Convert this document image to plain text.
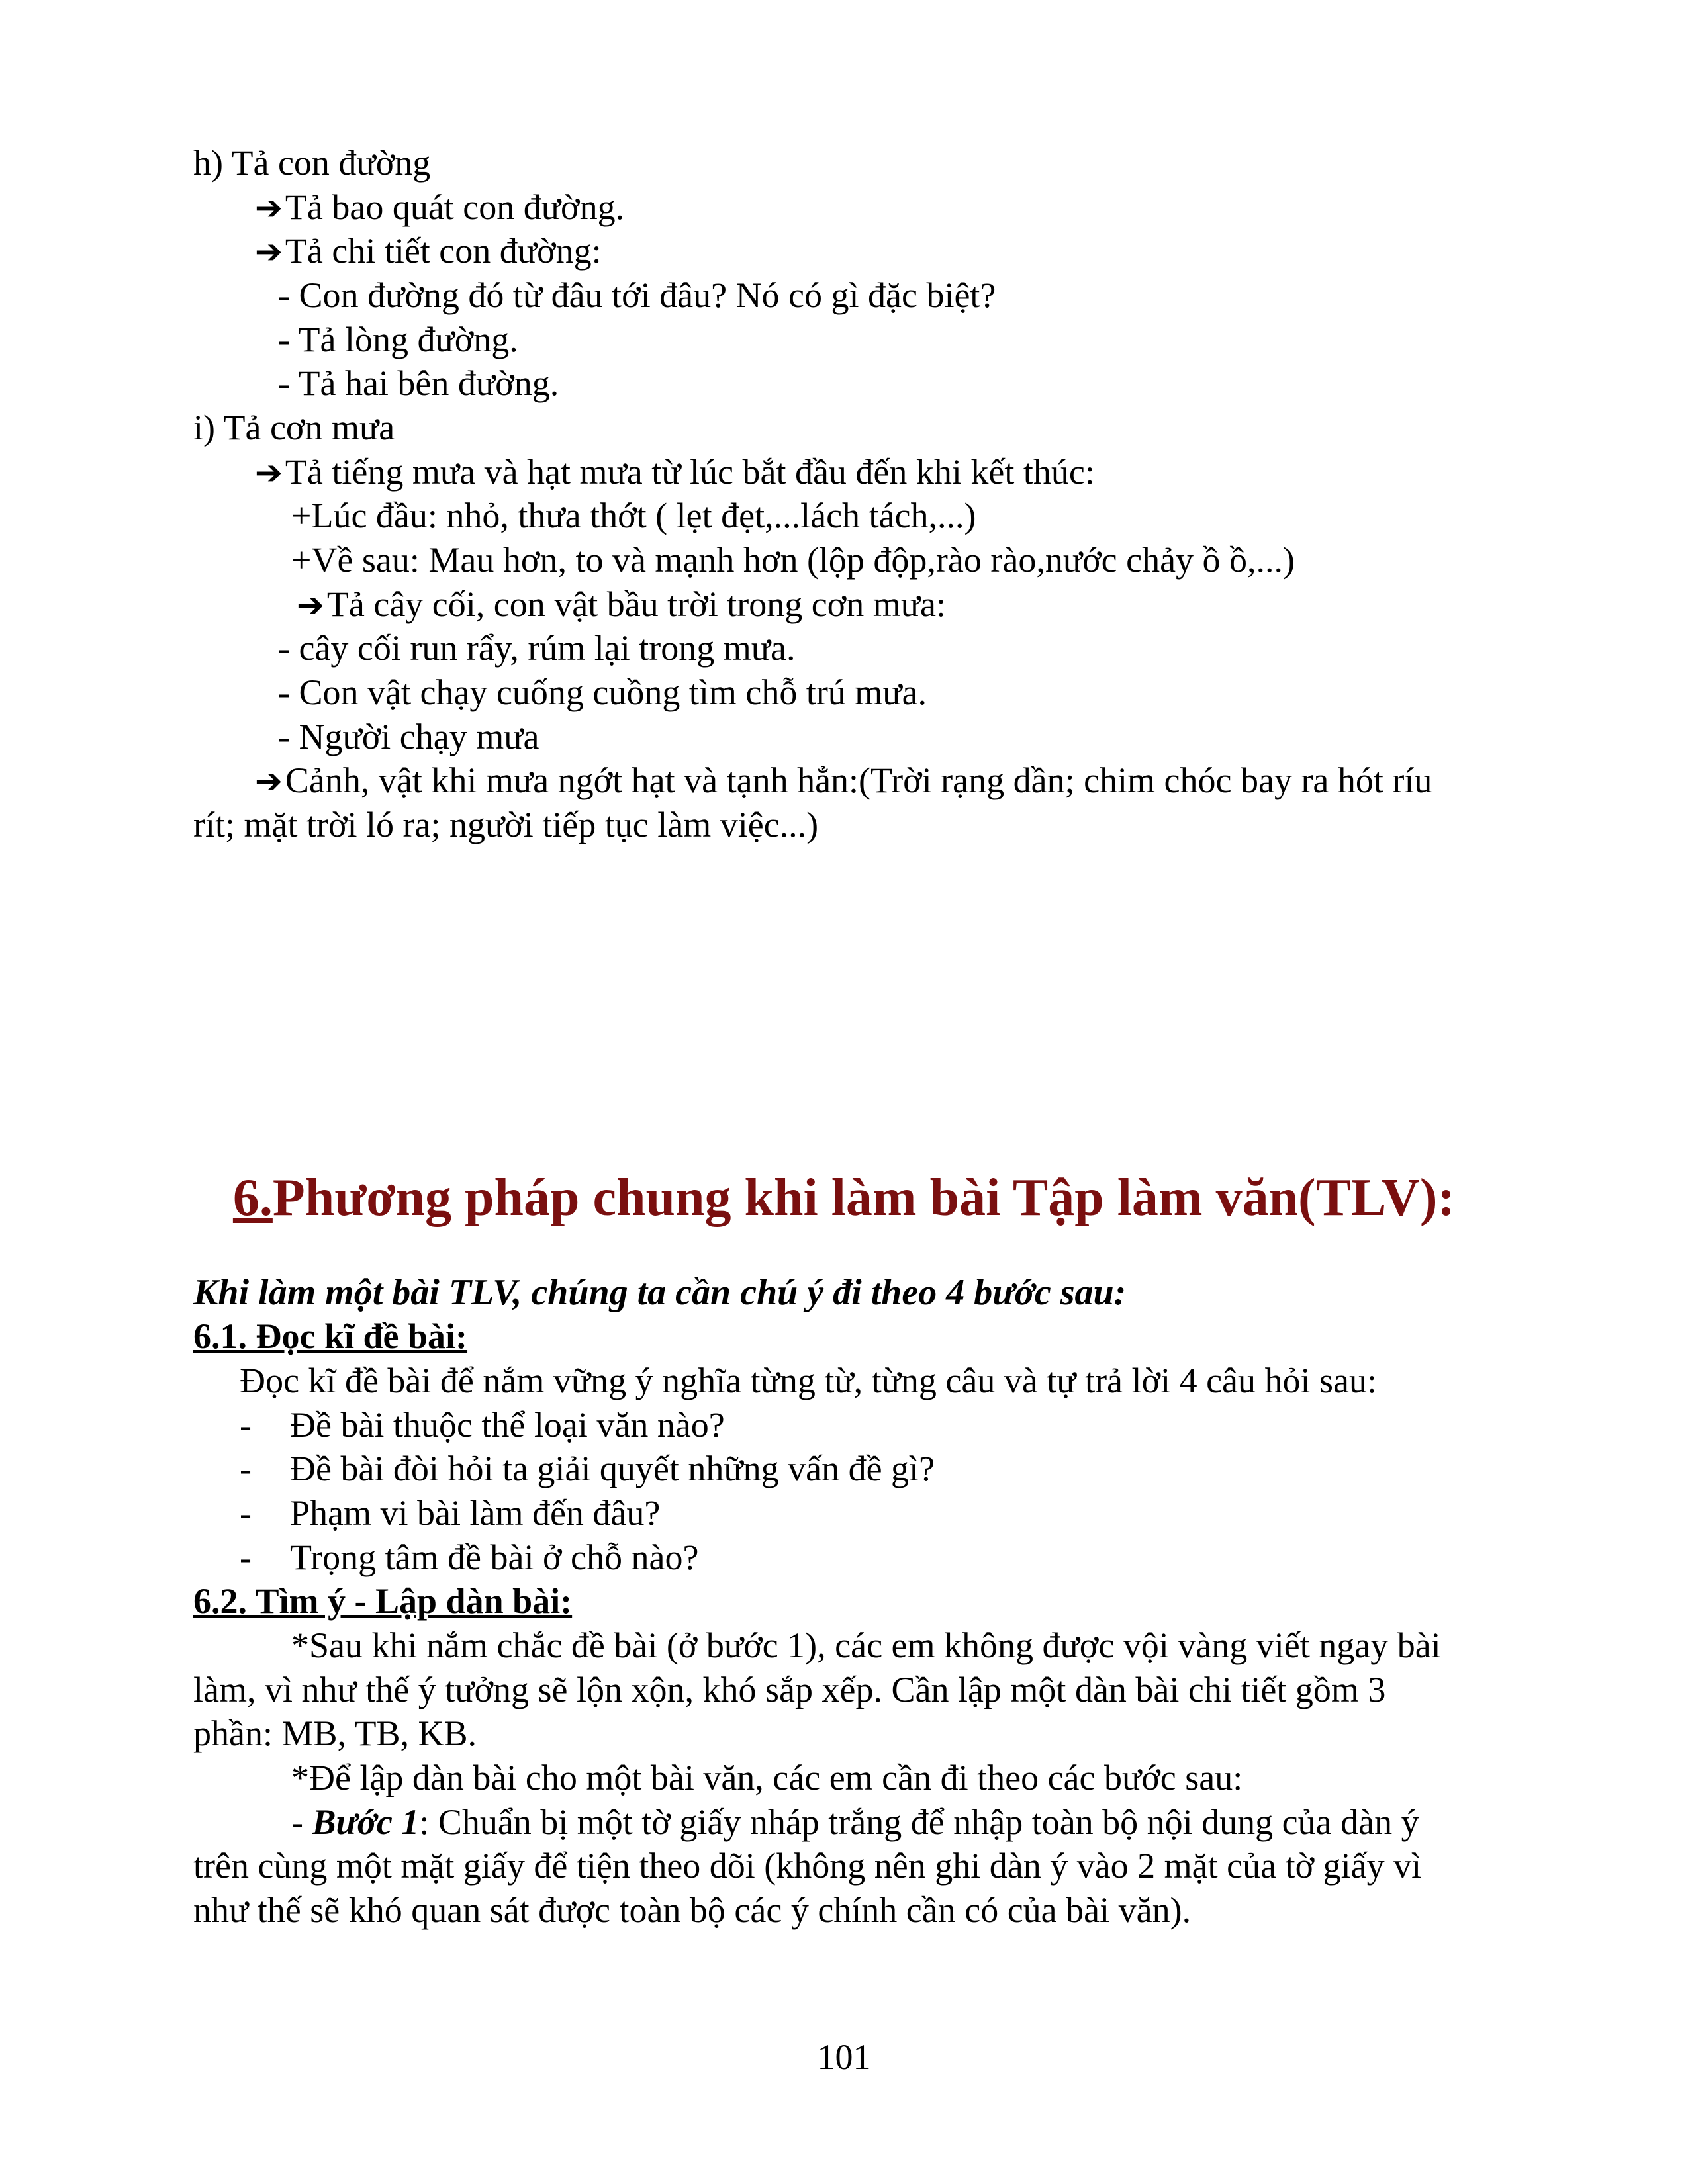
h) Tả con đường
➔Tả bao quát con đường.
➔Tả chi tiết con đường:
- Con đường đó từ đâu tới đâu? Nó có gì đặc biệt?
- Tả lòng đường.
- Tả hai bên đường.
i) Tả cơn mưa
➔Tả tiếng mưa và hạt mưa từ lúc bắt đầu đến khi kết thúc:
+Lúc đầu: nhỏ, thưa thớt ( lẹt đẹt,...lách tách,...)
+Về sau: Mau hơn, to và mạnh hơn (lộp độp,rào rào,nước chảy ồ ồ,...)
➔Tả cây cối, con vật bầu trời trong cơn mưa:
- cây cối run rẩy, rúm lại trong mưa.
- Con vật chạy cuống cuồng tìm chỗ trú mưa.
- Người chạy mưa
➔Cảnh, vật khi mưa ngớt hạt và tạnh hẳn:(Trời rạng dần; chim chóc bay ra hót ríu
rít; mặt trời ló ra; người tiếp tục làm việc...)
6.Phương pháp chung khi làm bài Tập làm văn(TLV):
Khi làm một bài TLV, chúng ta cần chú ý đi theo 4 bước sau:
6.1. Đọc kĩ đề bài:
Đọc kĩ đề bài để nắm vững ý nghĩa từng từ, từng câu và tự trả lời 4 câu hỏi sau:
- Đề bài thuộc thể loại văn nào?
- Đề bài đòi hỏi ta giải quyết những vấn đề gì?
- Phạm vi bài làm đến đâu?
- Trọng tâm đề bài ở chỗ nào?
6.2. Tìm ý - Lập dàn bài:
*Sau khi nắm chắc đề bài (ở bước 1), các em không được vội vàng viết ngay bài
làm, vì như thế ý tưởng sẽ lộn xộn, khó sắp xếp. Cần lập một dàn bài chi tiết gồm 3
phần: MB, TB, KB.
*Để lập dàn bài cho một bài văn, các em cần đi theo các bước sau:
- Bước 1: Chuẩn bị một tờ giấy nháp trắng để nhập toàn bộ nội dung của dàn ý
trên cùng một mặt giấy để tiện theo dõi (không nên ghi dàn ý vào 2 mặt của tờ giấy vì
như thế sẽ khó quan sát được toàn bộ các ý chính cần có của bài văn).
101
